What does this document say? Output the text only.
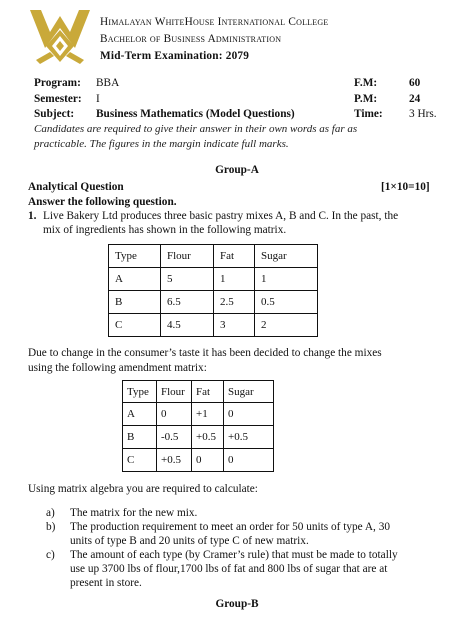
Himalayan WhiteHouse International College
Bachelor of Business Administration
Mid-Term Examination: 2079
Program: BBA	F.M:	60
Semester: I	P.M:	24
Subject: Business Mathematics (Model Questions)	Time: 3 Hrs.
Candidates are required to give their answer in their own words as far as
practicable. The figures in the margin indicate full marks.
Group-A
Analytical Question	[1×10=10]
Answer the following question.
1. Live Bakery Ltd produces three basic pastry mixes A, B and C. In the past, the
mix of ingredients has shown in the following matrix.
Type	Flour	Fat	Sugar
A	5	1	1
B	6.5	2.5	0.5
C	4.5	3	2
Due to change in the consumer’s taste it has been decided to change the mixes
using the following amendment matrix:
Type	Flour	Fat	Sugar
A	0	+1	0
B	-0.5	+0.5	+0.5
C	+0.5	0	0
Using matrix algebra you are required to calculate:
a) The matrix for the new mix.
b) The production requirement to meet an order for 50 units of type A, 30
units of type B and 20 units of type C of new matrix.
c) The amount of each type (by Cramer’s rule) that must be made to totally
use up 3700 lbs of flour,1700 lbs of fat and 800 lbs of sugar that are at
present in store.
Group-B
